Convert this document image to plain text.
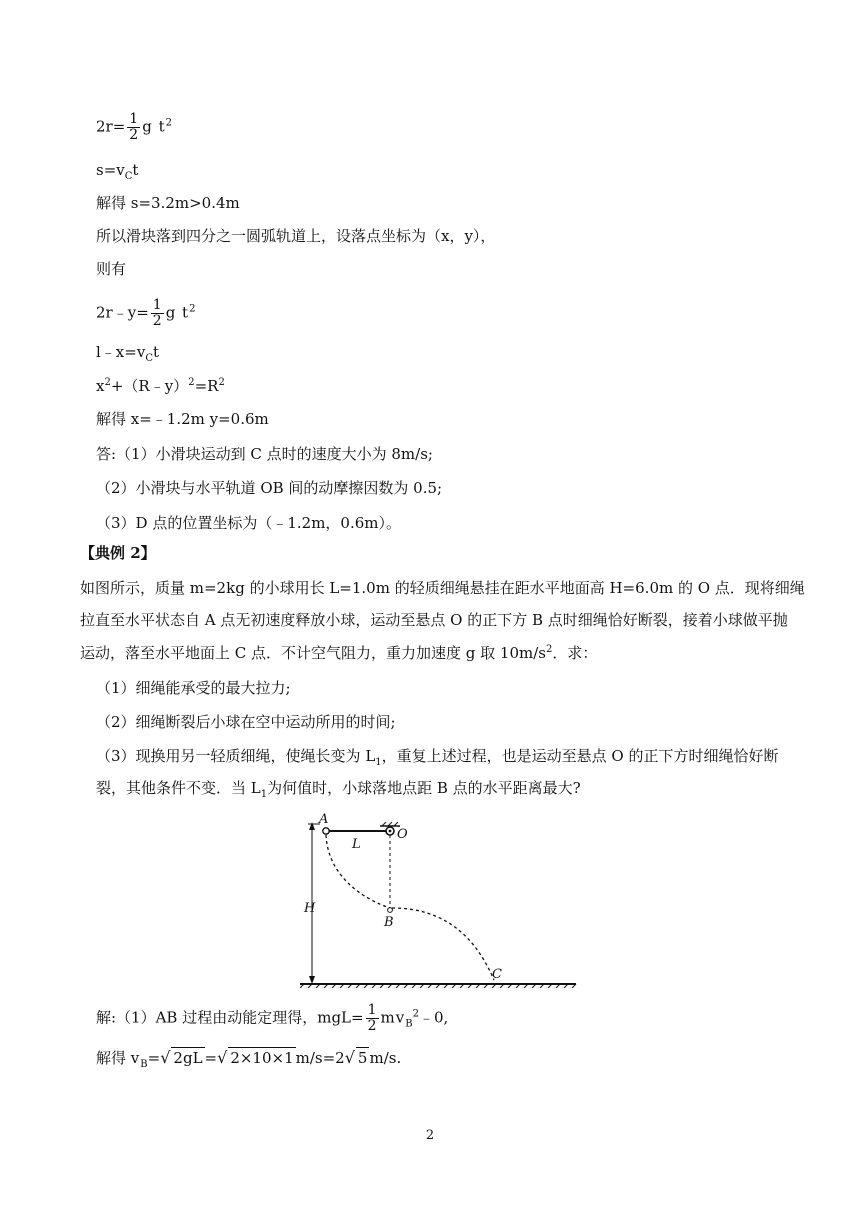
$2r= \frac{1}{2}$ g $t^2$
$s=v_Ct$
解得 s=3.2m>0.4m
所以滑块落到四分之一圆弧轨道上，设落点坐标为（x，y），
则有
2r﹣y= $\frac{1}{2}$ g $t^2$
$l﹣x=v_Ct$
$x^2+(R﹣y)^2=R^2$
解得 x=﹣1.2m y=0.6m
答:（1）小滑块运动到 C 点时的速度大小为 8m/s;
（2）小滑块与水平轨道 OB 间的动摩擦因数为 0.5;
（3）D 点的位置坐标为（﹣1.2m，0.6m）。
【典例 2】
如图所示，质量 m=2kg 的小球用长 L=1.0m 的轻质细绳悬挂在距水平地面高 H=6.0m 的 O 点．现将细绳
拉直至水平状态自 A 点无初速度释放小球，运动至悬点 O 的正下方 B 点时细绳恰好断裂，接着小球做平抛
运动，落至水平地面上 C 点．不计空气阻力，重力加速度 g 取 $10m/s^2$．求：
（1）细绳能承受的最大拉力;
（2）细绳断裂后小球在空中运动所用的时间;
（3）现换用另一轻质细绳，使绳长变为 $L_1$，重复上述过程，也是运动至悬点 O 的正下方时细绳恰好断
裂，其他条件不变．当 $L_1$为何值时，小球落地点距 B 点的水平距离最大?
A
O
L
H
B
C
解:（1）AB 过程由动能定理得，$mgL= \frac{1}{2}$ $mv_B^2﹣0$,
解得 $v_B=√$ 2gL =√ 2×10×1 m/s=2√ 5 m/s.
2
